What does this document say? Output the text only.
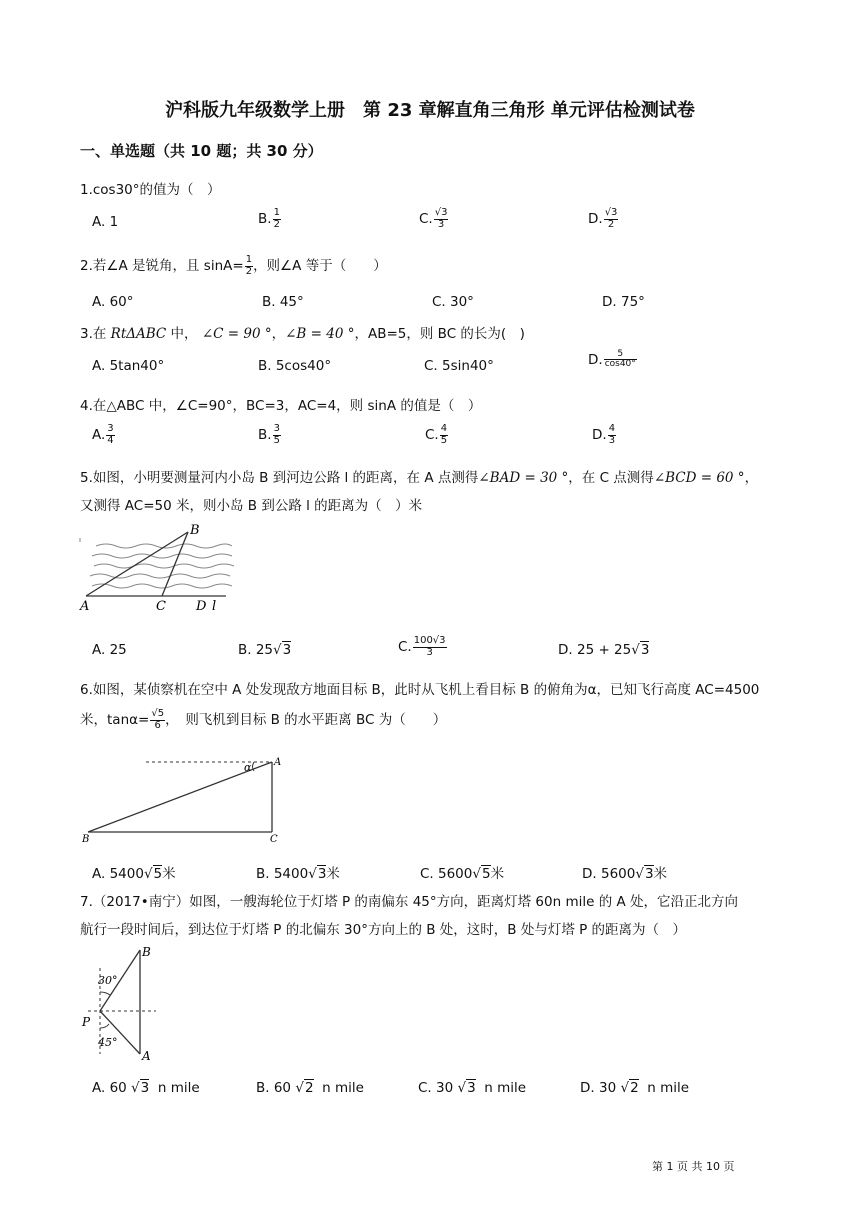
沪科版九年级数学上册　第 23 章解直角三角形 单元评估检测试卷
一、单选题（共 10 题；共 30 分）
1.cos30°的值为（　）
A. 1	B. $\frac{1}{2}$	C. $\frac{√3}{3}$	D. $\frac{√3}{2}$
2.若∠A 是锐角，且 $\sin A= \frac{1}{2}$ ，则∠A 等于（　　）
A. 60°	B. 45°	C. 30°	D. 75°
3.在 RtΔABC 中， ∠C = 90 °，∠B = 40 °，AB=5，则 BC 的长为(　)
A. 5tan40°	B. 5cos40°	C. 5sin40°	D. $\frac{5}{\cos 40^\circ}$
4.在△ABC 中，∠C=90°，BC=3，AC=4，则 sinA 的值是（　）
A. $\frac{3}{4}$	B. $\frac{3}{5}$	C. $\frac{4}{5}$	D. $\frac{4}{3}$
5.如图，小明要测量河内小岛 B 到河边公路 l 的距离，在 A 点测得∠BAD = 30 °，在 C 点测得∠BCD = 60 °，
又测得 AC=50 米，则小岛 B 到公路 l 的距离为（　）米
B
A	C D l
A. 25	B. 25√3	C. $\frac{100√3}{3}$	D. 25 + 25√3
6.如图，某侦察机在空中 A 处发现敌方地面目标 B，此时从飞机上看目标 B 的俯角为α，已知飞行高度 AC=4500
米，$\tan\alpha= \frac{√5}{6}$ ，　则飞机到目标 B 的水平距离 BC 为（　　）
α A
B	C
A. 5400√5米	B. 5400√3米	C. 5600√5米	D. 5600√3米
7.（2017•南宁）如图，一艘海轮位于灯塔 P 的南偏东 45°方向，距离灯塔 60n mile 的 A 处，它沿正北方向
航行一段时间后，到达位于灯塔 P 的北偏东 30°方向上的 B 处，这时，B 处与灯塔 P 的距离为（　）
B
30°
P
45°
A
A. 60 √3 n mile	B. 60 √2 n mile	C. 30 √3 n mile	D. 30 √2 n mile
第 1 页 共 10 页
